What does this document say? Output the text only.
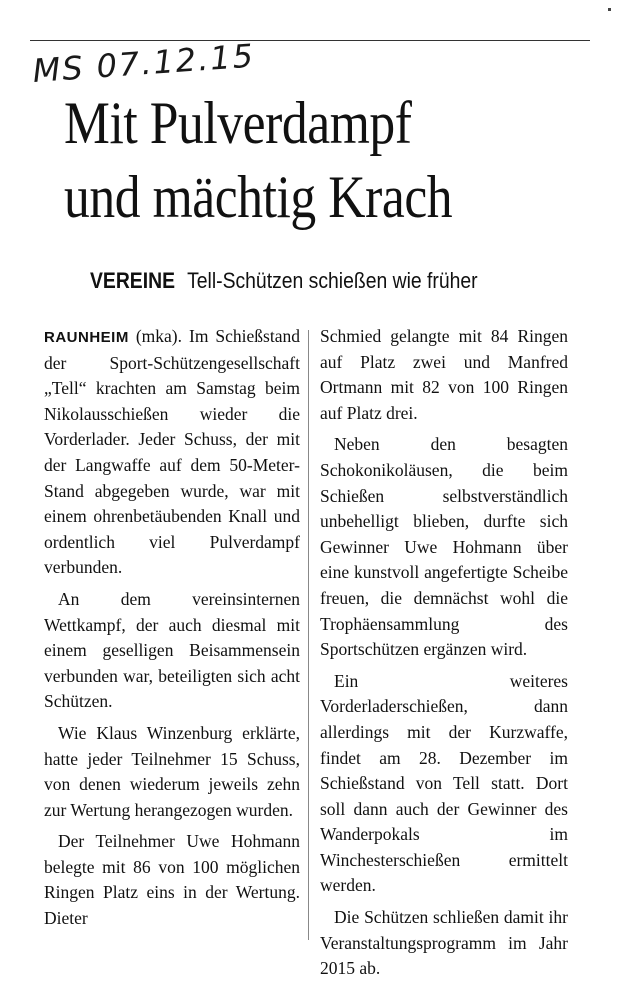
MS 07.12.15
Mit Pulverdampf
und mächtig Krach
VEREINE Tell-Schützen schießen wie früher

RAUNHEIM (mka). Im Schießstand der Sport-Schützengesellschaft „Tell“ krachten am Samstag beim Nikolausschießen wieder die Vorderlader. Jeder Schuss, der mit der Langwaffe auf dem 50-Meter-Stand abgegeben wurde, war mit einem ohrenbetäubenden Knall und ordentlich viel Pulverdampf verbunden.

An dem vereinsinternen Wettkampf, der auch diesmal mit einem geselligen Beisammensein verbunden war, beteiligten sich acht Schützen.

Wie Klaus Winzenburg erklärte, hatte jeder Teilnehmer 15 Schuss, von denen wiederum jeweils zehn zur Wertung herangezogen wurden.

Der Teilnehmer Uwe Hohmann belegte mit 86 von 100 möglichen Ringen Platz eins in der Wertung. Dieter

Schmied gelangte mit 84 Ringen auf Platz zwei und Manfred Ortmann mit 82 von 100 Ringen auf Platz drei.

Neben den besagten Schokonikoläusen, die beim Schießen selbstverständlich unbehelligt blieben, durfte sich Gewinner Uwe Hohmann über eine kunstvoll angefertigte Scheibe freuen, die demnächst wohl die Trophäensammlung des Sportschützen ergänzen wird.

Ein weiteres Vorderladerschießen, dann allerdings mit der Kurzwaffe, findet am 28. Dezember im Schießstand von Tell statt. Dort soll dann auch der Gewinner des Wanderpokals im Winchesterschießen ermittelt werden.

Die Schützen schließen damit ihr Veranstaltungsprogramm im Jahr 2015 ab.
